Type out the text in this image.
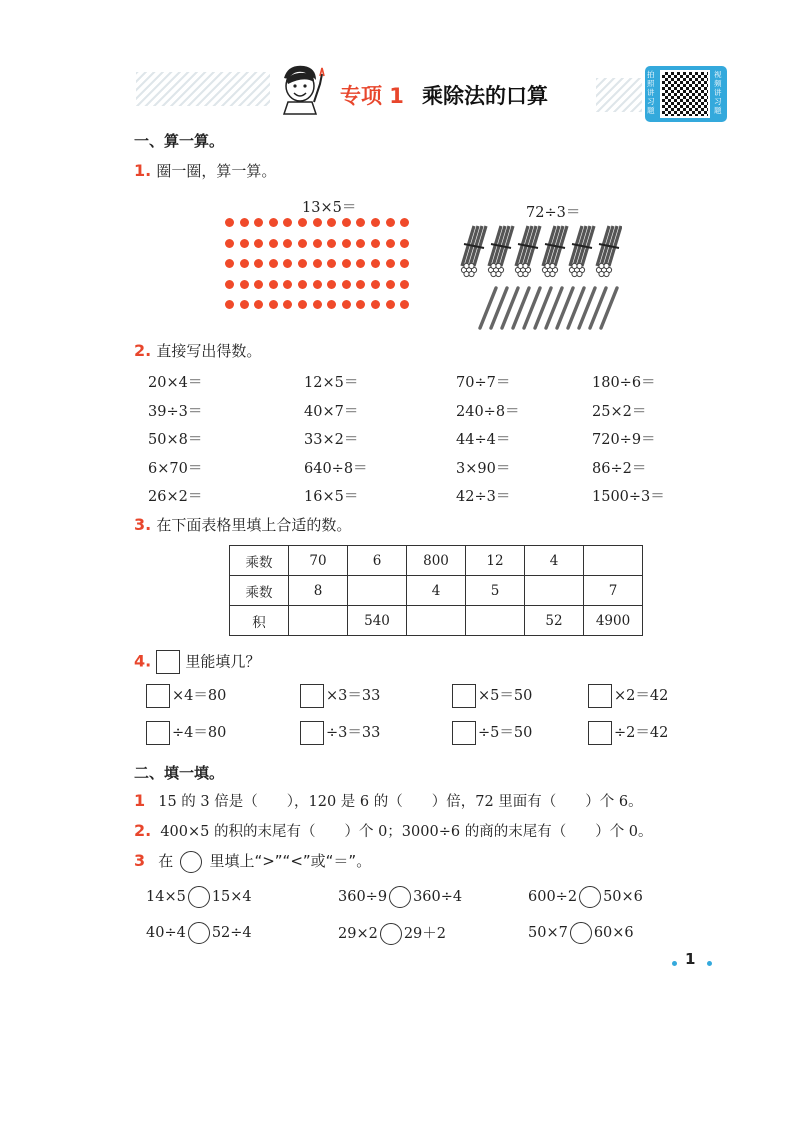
专项 1 乘除法的口算
拍照讲习题
视频讲习题
一、算一算。
1. 圈一圈，算一算。
13×5＝	72÷3＝
2. 直接写出得数。
20×4＝	12×5＝	70÷7＝	180÷6＝
39÷3＝	40×7＝	240÷8＝	25×2＝
50×8＝	33×2＝	44÷4＝	720÷9＝
6×70＝	640÷8＝	3×90＝	86÷2＝
26×2＝	16×5＝	42÷3＝	1500÷3＝
3. 在下面表格里填上合适的数。
乘数	70	6	800	12	4	
乘数	8		4	5		7
积		540			52	4900
4. 里能填几？
×4＝80	×3＝33	×5＝50	×2＝42
÷4＝80	÷3＝33	÷5＝50	÷2＝42
二、填一填。
1 15 的 3 倍是（　　），120 是 6 的（　　）倍，72 里面有（　　）个 6。
2. 400×5 的积的末尾有（　　）个 0；3000÷6 的商的末尾有（　　）个 0。
3 在 里填上“>”“<”或“＝”。
14×5 15×4	360÷9 360÷4	600÷2 50×6
40÷4 52÷4	29×2 29＋2	50×7 60×6
1
